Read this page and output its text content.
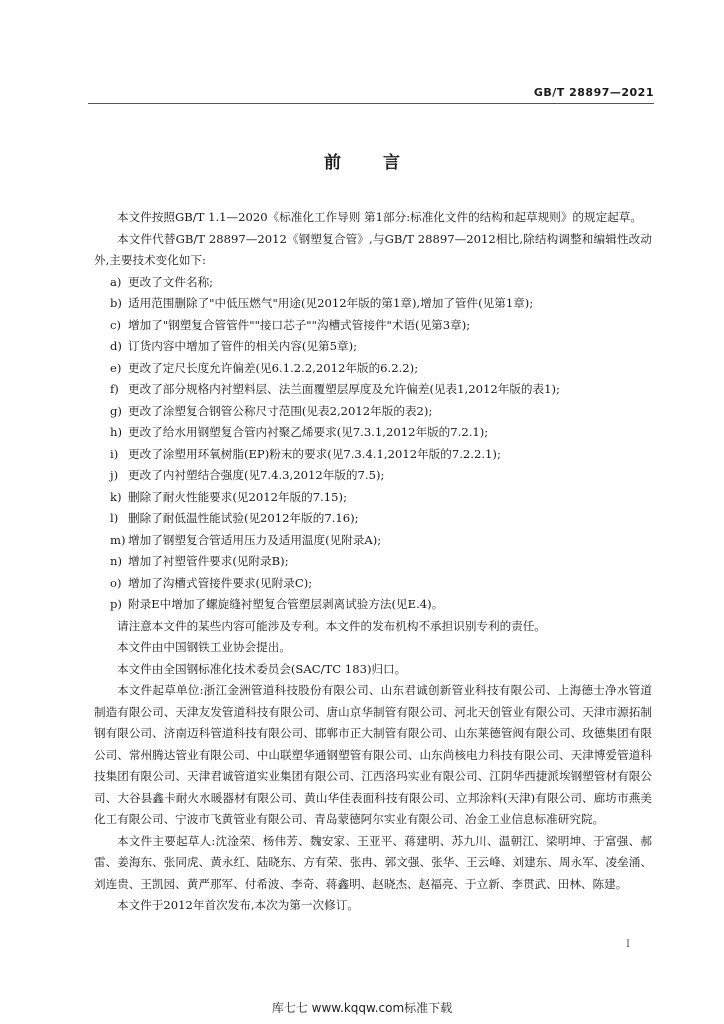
GB/T 28897—2021
前言

本文件按照GB/T 1.1—2020《标准化工作导则 第1部分:标准化文件的结构和起草规则》的规定起草。

本文件代替GB/T 28897—2012《钢塑复合管》,与GB/T 28897—2012相比,除结构调整和编辑性改动外,主要技术变化如下:

a) 更改了文件名称;
b) 适用范围删除了"中低压燃气"用途(见2012年版的第1章),增加了管件(见第1章);
c) 增加了"钢塑复合管管件""接口芯子""沟槽式管接件"术语(见第3章);
d) 订货内容中增加了管件的相关内容(见第5章);
e) 更改了定尺长度允许偏差(见6.1.2.2,2012年版的6.2.2);
f) 更改了部分规格内衬塑料层、法兰面覆塑层厚度及允许偏差(见表1,2012年版的表1);
g) 更改了涂塑复合钢管公称尺寸范围(见表2,2012年版的表2);
h) 更改了给水用钢塑复合管内衬聚乙烯要求(见7.3.1,2012年版的7.2.1);
i) 更改了涂塑用环氧树脂(EP)粉末的要求(见7.3.4.1,2012年版的7.2.2.1);
j) 更改了内衬塑结合强度(见7.4.3,2012年版的7.5);
k) 删除了耐火性能要求(见2012年版的7.15);
l) 删除了耐低温性能试验(见2012年版的7.16);
m) 增加了钢塑复合管适用压力及适用温度(见附录A);
n) 增加了衬塑管件要求(见附录B);
o) 增加了沟槽式管接件要求(见附录C);
p) 附录E中增加了螺旋缝衬塑复合管塑层剥离试验方法(见E.4)。

请注意本文件的某些内容可能涉及专利。本文件的发布机构不承担识别专利的责任。

本文件由中国钢铁工业协会提出。

本文件由全国钢标准化技术委员会(SAC/TC 183)归口。

本文件起草单位:浙江金洲管道科技股份有限公司、山东君诚创新管业科技有限公司、上海德士净水管道制造有限公司、天津友发管道科技有限公司、唐山京华制管有限公司、河北天创管业有限公司、天津市源拓制钢有限公司、济南迈科管道科技有限公司、邯郸市正大制管有限公司、山东莱德管阀有限公司、玫德集团有限公司、常州腾达管业有限公司、中山联塑华通钢塑管有限公司、山东尚核电力科技有限公司、天津博爱管道科技集团有限公司、天津君诚管道实业集团有限公司、江西洛玛实业有限公司、江阴华西捷派埃钢塑管材有限公司、大谷县鑫卡耐火水暖器材有限公司、黄山华佳表面科技有限公司、立邦涂料(天津)有限公司、廊坊市燕美化工有限公司、宁波市飞黄管业有限公司、青岛蒙德阿尔实业有限公司、冶金工业信息标准研究院。

本文件主要起草人:沈淦荣、杨伟芳、魏安家、王亚平、蒋建明、苏九川、温朝江、梁明坤、于富强、郝雷、姜海东、张同虎、黄永红、陆晓东、方有荣、张冉、郭文强、张华、王云峰、刘建东、周永军、凌垒涌、刘连贵、王凯园、黄严那军、付希波、李奇、蒋鑫明、赵晓杰、赵福亮、于立新、李贯武、田林、陈建。

本文件于2012年首次发布,本次为第一次修订。

I
库七七 www.kqqw.com标准下载
